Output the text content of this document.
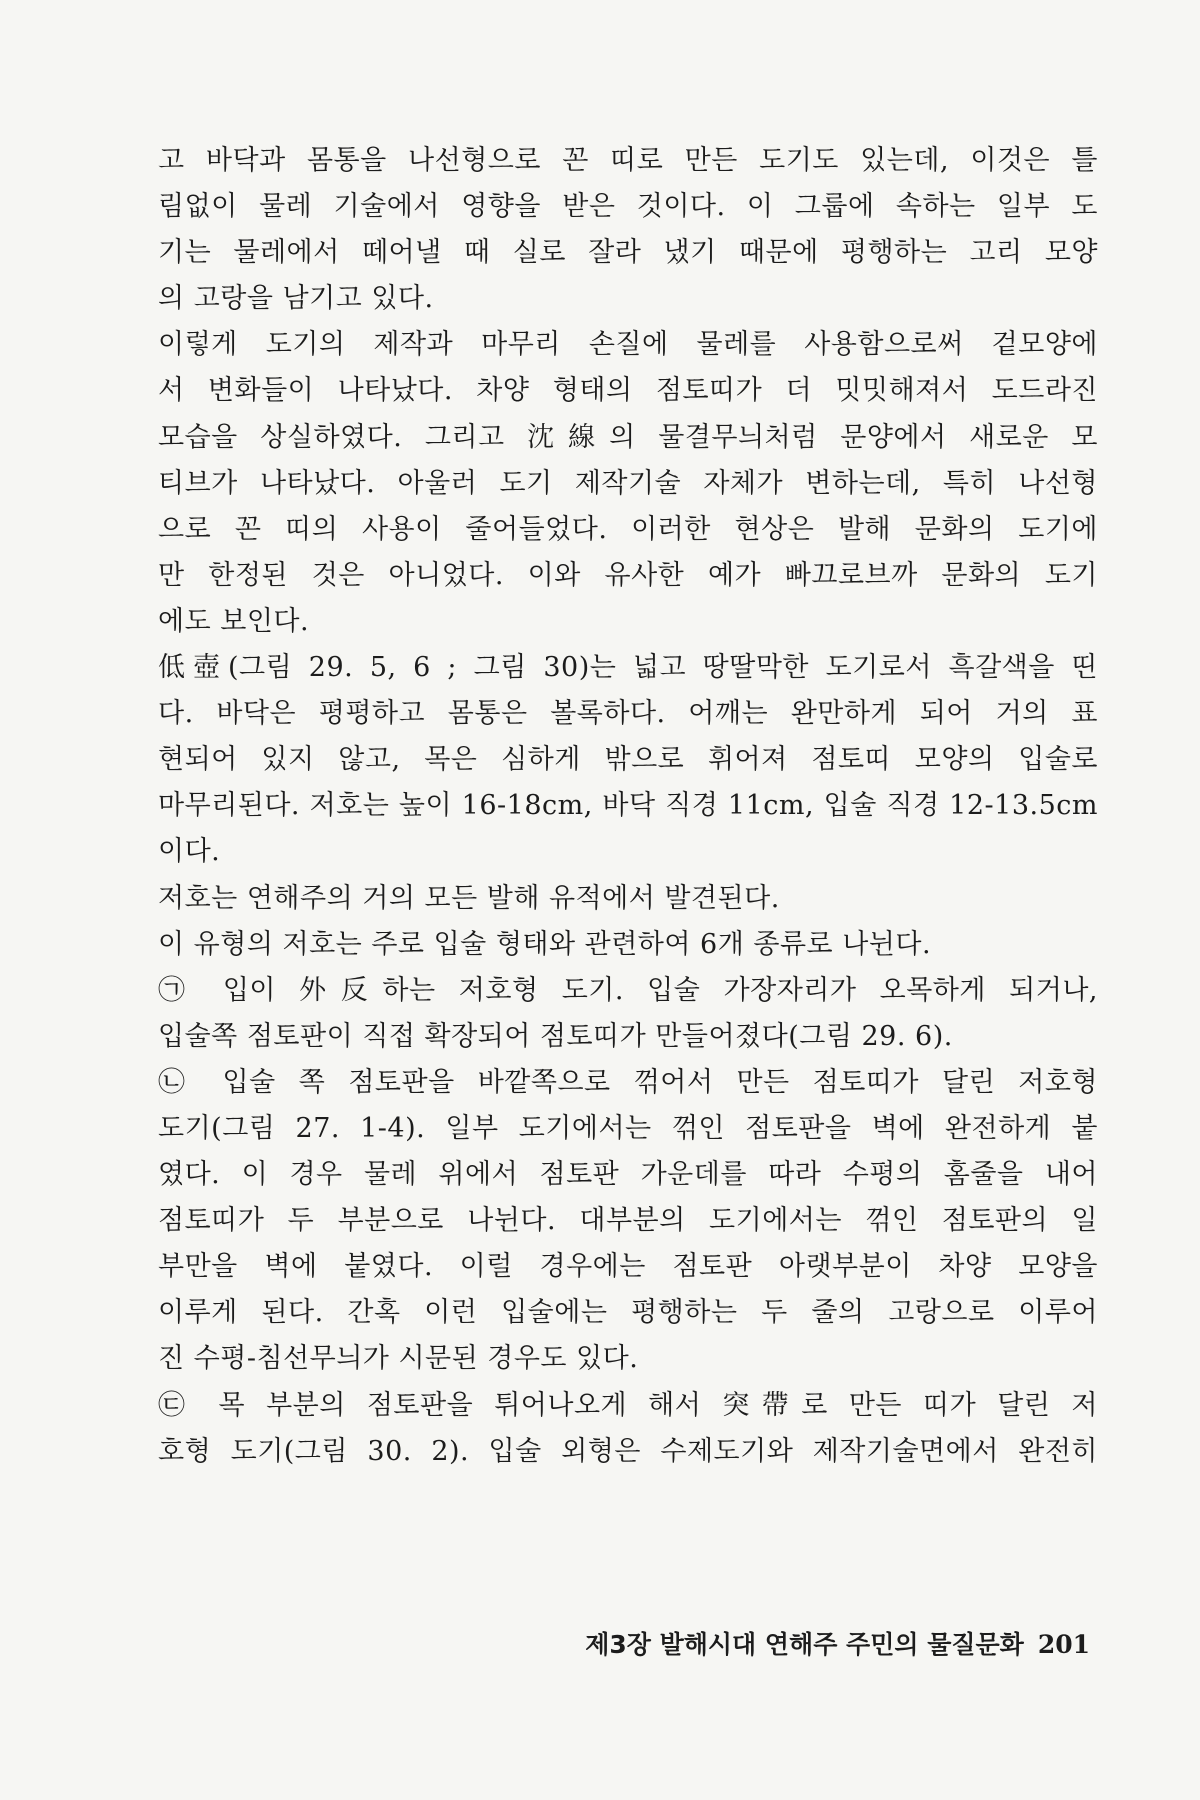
고 바닥과 몸통을 나선형으로 꼰 띠로 만든 도기도 있는데, 이것은 틀
림없이 물레 기술에서 영향을 받은 것이다. 이 그룹에 속하는 일부 도
기는 물레에서 떼어낼 때 실로 잘라 냈기 때문에 평행하는 고리 모양
의 고랑을 남기고 있다.
이렇게 도기의 제작과 마무리 손질에 물레를 사용함으로써 겉모양에
서 변화들이 나타났다. 차양 형태의 점토띠가 더 밋밋해져서 도드라진
모습을 상실하였다. 그리고 沈線의 물결무늬처럼 문양에서 새로운 모
티브가 나타났다. 아울러 도기 제작기술 자체가 변하는데, 특히 나선형
으로 꼰 띠의 사용이 줄어들었다. 이러한 현상은 발해 문화의 도기에
만 한정된 것은 아니었다. 이와 유사한 예가 빠끄로브까 문화의 도기
에도 보인다.
低壺(그림 29. 5, 6 ; 그림 30)는 넓고 땅딸막한 도기로서 흑갈색을 띤
다. 바닥은 평평하고 몸통은 볼록하다. 어깨는 완만하게 되어 거의 표
현되어 있지 않고, 목은 심하게 밖으로 휘어져 점토띠 모양의 입술로
마무리된다. 저호는 높이 16-18cm, 바닥 직경 11cm, 입술 직경 12-13.5cm
이다.
저호는 연해주의 거의 모든 발해 유적에서 발견된다.
이 유형의 저호는 주로 입술 형태와 관련하여 6개 종류로 나뉜다.
㉠ 입이 外反하는 저호형 도기. 입술 가장자리가 오목하게 되거나,
입술쪽 점토판이 직접 확장되어 점토띠가 만들어졌다(그림 29. 6).
㉡ 입술 쪽 점토판을 바깥쪽으로 꺾어서 만든 점토띠가 달린 저호형
도기(그림 27. 1-4). 일부 도기에서는 꺾인 점토판을 벽에 완전하게 붙
였다. 이 경우 물레 위에서 점토판 가운데를 따라 수평의 홈줄을 내어
점토띠가 두 부분으로 나뉜다. 대부분의 도기에서는 꺾인 점토판의 일
부만을 벽에 붙였다. 이럴 경우에는 점토판 아랫부분이 차양 모양을
이루게 된다. 간혹 이런 입술에는 평행하는 두 줄의 고랑으로 이루어
진 수평-침선무늬가 시문된 경우도 있다.
㉢ 목 부분의 점토판을 튀어나오게 해서 突帶로 만든 띠가 달린 저
호형 도기(그림 30. 2). 입술 외형은 수제도기와 제작기술면에서 완전히
제3장 발해시대 연해주 주민의 물질문화 201
